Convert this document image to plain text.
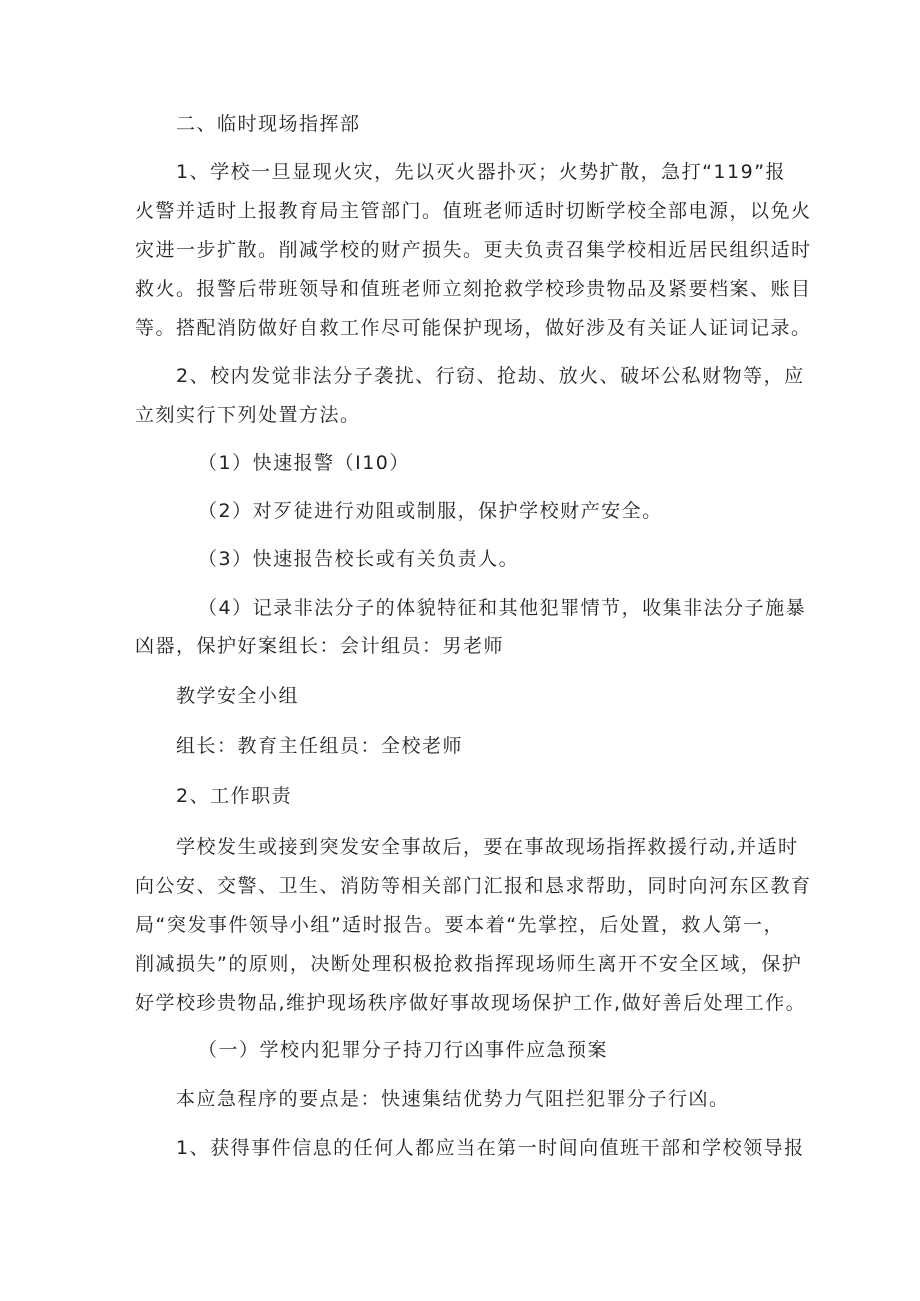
二、临时现场指挥部

1、学校一旦显现火灾，先以灭火器扑灭；火势扩散，急打“119”报

火警并适时上报教育局主管部门。值班老师适时切断学校全部电源，以免火

灾进一步扩散。削减学校的财产损失。更夫负责召集学校相近居民组织适时

救火。报警后带班领导和值班老师立刻抢救学校珍贵物品及紧要档案、账目

等。搭配消防做好自救工作尽可能保护现场，做好涉及有关证人证词记录。

2、校内发觉非法分子袭扰、行窃、抢劫、放火、破坏公私财物等，应

立刻实行下列处置方法。

（1）快速报警（I10）

（2）对歹徒进行劝阻或制服，保护学校财产安全。

（3）快速报告校长或有关负责人。

（4）记录非法分子的体貌特征和其他犯罪情节，收集非法分子施暴

凶器，保护好案组长：会计组员：男老师

教学安全小组

组长：教育主任组员：全校老师

2、工作职责

学校发生或接到突发安全事故后，要在事故现场指挥救援行动,并适时

向公安、交警、卫生、消防等相关部门汇报和恳求帮助，同时向河东区教育

局“突发事件领导小组”适时报告。要本着“先掌控，后处置，救人第一，

削减损失”的原则，决断处理积极抢救指挥现场师生离开不安全区域，保护

好学校珍贵物品,维护现场秩序做好事故现场保护工作,做好善后处理工作。

（一）学校内犯罪分子持刀行凶事件应急预案

本应急程序的要点是：快速集结优势力气阻拦犯罪分子行凶。

1、获得事件信息的任何人都应当在第一时间向值班干部和学校领导报
